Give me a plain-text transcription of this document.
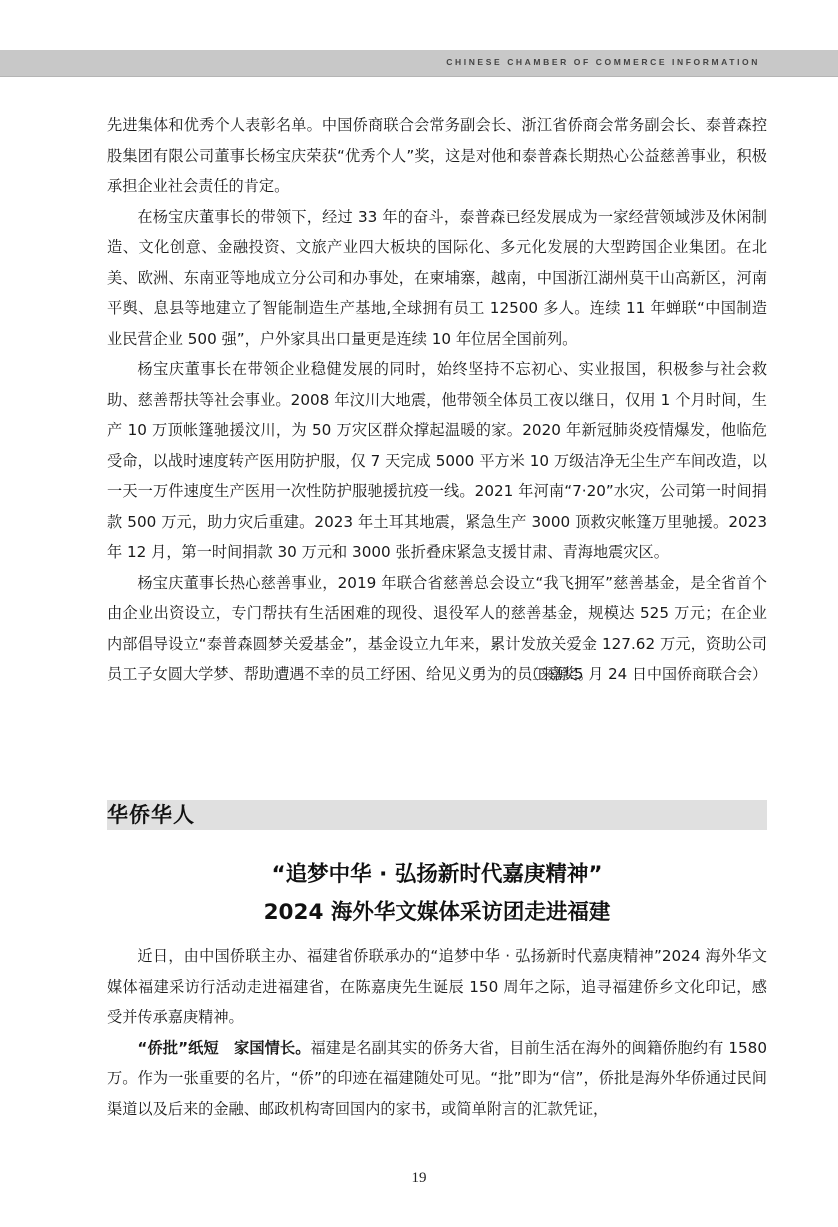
CHINESE CHAMBER OF COMMERCE INFORMATION

先进集体和优秀个人表彰名单。中国侨商联合会常务副会长、浙江省侨商会常务副会长、泰普森控股集团有限公司董事长杨宝庆荣获“优秀个人”奖，这是对他和泰普森长期热心公益慈善事业，积极承担企业社会责任的肯定。

在杨宝庆董事长的带领下，经过 33 年的奋斗，泰普森已经发展成为一家经营领域涉及休闲制造、文化创意、金融投资、文旅产业四大板块的国际化、多元化发展的大型跨国企业集团。在北美、欧洲、东南亚等地成立分公司和办事处，在柬埔寨，越南，中国浙江湖州莫干山高新区，河南平舆、息县等地建立了智能制造生产基地,全球拥有员工 12500 多人。连续 11 年蝉联“中国制造业民营企业 500 强”，户外家具出口量更是连续 10 年位居全国前列。

杨宝庆董事长在带领企业稳健发展的同时，始终坚持不忘初心、实业报国，积极参与社会救助、慈善帮扶等社会事业。2008 年汶川大地震，他带领全体员工夜以继日，仅用 1 个月时间，生产 10 万顶帐篷驰援汶川，为 50 万灾区群众撑起温暖的家。2020 年新冠肺炎疫情爆发，他临危受命，以战时速度转产医用防护服，仅 7 天完成 5000 平方米 10 万级洁净无尘生产车间改造，以一天一万件速度生产医用一次性防护服驰援抗疫一线。2021 年河南“7·20”水灾，公司第一时间捐款 500 万元，助力灾后重建。2023 年土耳其地震，紧急生产 3000 顶救灾帐篷万里驰援。2023 年 12 月，第一时间捐款 30 万元和 3000 张折叠床紧急支援甘肃、青海地震灾区。

杨宝庆董事长热心慈善事业，2019 年联合省慈善总会设立“我飞拥军”慈善基金，是全省首个由企业出资设立，专门帮扶有生活困难的现役、退役军人的慈善基金，规模达 525 万元；在企业内部倡导设立“泰普森圆梦关爱基金”，基金设立九年来，累计发放关爱金 127.62 万元，资助公司员工子女圆大学梦、帮助遭遇不幸的员工纾困、给见义勇为的员工嘉奖。

（来源:5 月 24 日中国侨商联合会）
华侨华人
“追梦中华 · 弘扬新时代嘉庚精神”
2024 海外华文媒体采访团走进福建

近日，由中国侨联主办、福建省侨联承办的“追梦中华 · 弘扬新时代嘉庚精神”2024 海外华文媒体福建采访行活动走进福建省，在陈嘉庚先生诞辰 150 周年之际，追寻福建侨乡文化印记，感受并传承嘉庚精神。

“侨批”纸短　家国情长。福建是名副其实的侨务大省，目前生活在海外的闽籍侨胞约有 1580 万。作为一张重要的名片，“侨”的印迹在福建随处可见。“批”即为“信”，侨批是海外华侨通过民间渠道以及后来的金融、邮政机构寄回国内的家书，或简单附言的汇款凭证，

19
